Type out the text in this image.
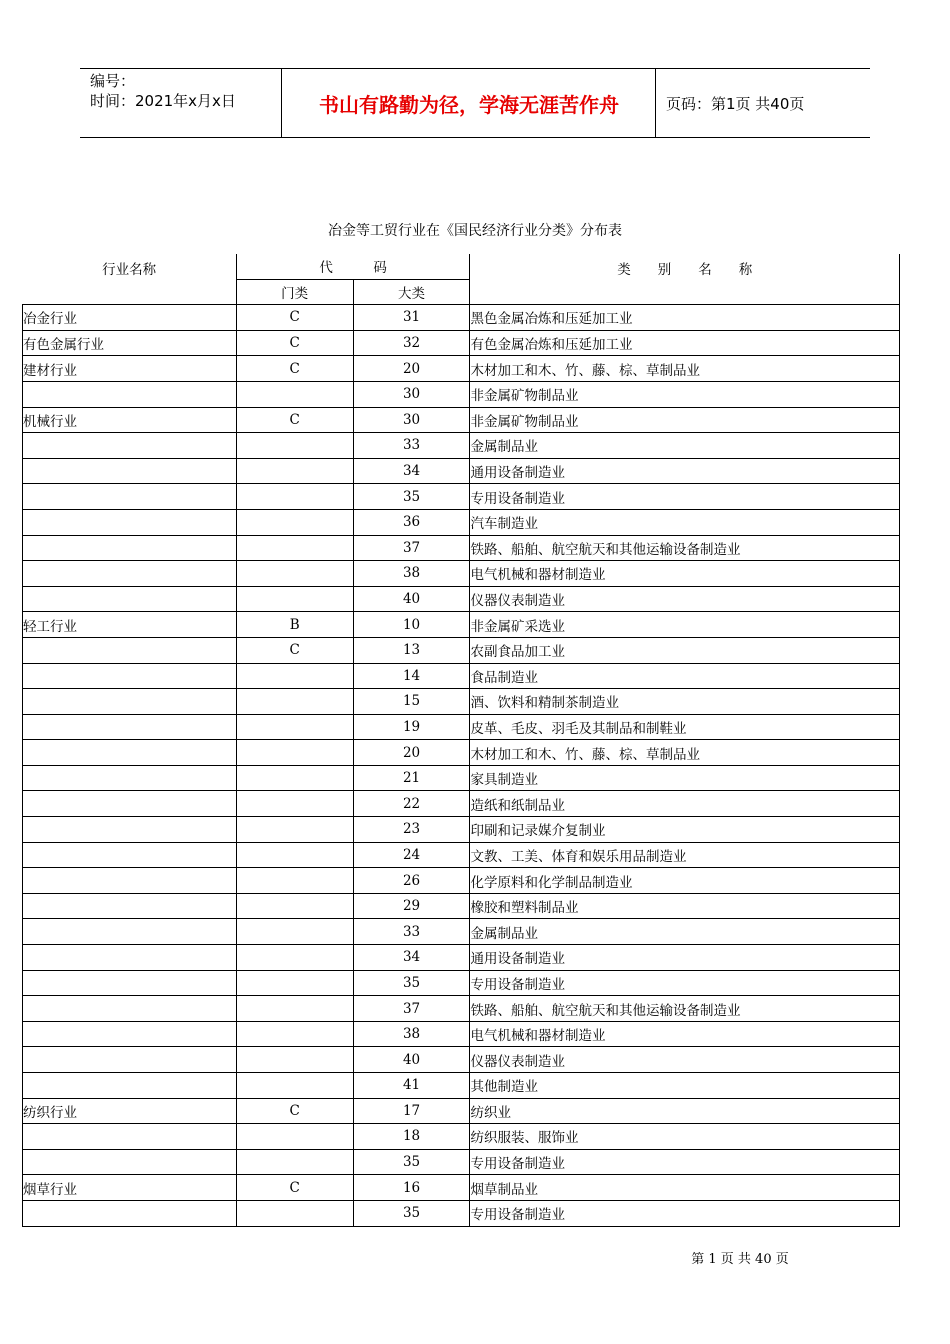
编号：
时间：2021年x月x日	书山有路勤为径，学海无涯苦作舟	页码：第1页 共40页
冶金等工贸行业在《国民经济行业分类》分布表
行业名称	代　　　码		类　　别　　名　　称
	门类	大类	
冶金行业	C	31	黑色金属冶炼和压延加工业
有色金属行业	C	32	有色金属冶炼和压延加工业
建材行业	C	20	木材加工和木、竹、藤、棕、草制品业
		30	非金属矿物制品业
机械行业	C	30	非金属矿物制品业
		33	金属制品业
		34	通用设备制造业
		35	专用设备制造业
		36	汽车制造业
		37	铁路、船舶、航空航天和其他运输设备制造业
		38	电气机械和器材制造业
		40	仪器仪表制造业
轻工行业	B	10	非金属矿采选业
	C	13	农副食品加工业
		14	食品制造业
		15	酒、饮料和精制茶制造业
		19	皮革、毛皮、羽毛及其制品和制鞋业
		20	木材加工和木、竹、藤、棕、草制品业
		21	家具制造业
		22	造纸和纸制品业
		23	印刷和记录媒介复制业
		24	文教、工美、体育和娱乐用品制造业
		26	化学原料和化学制品制造业
		29	橡胶和塑料制品业
		33	金属制品业
		34	通用设备制造业
		35	专用设备制造业
		37	铁路、船舶、航空航天和其他运输设备制造业
		38	电气机械和器材制造业
		40	仪器仪表制造业
		41	其他制造业
纺织行业	C	17	纺织业
		18	纺织服装、服饰业
		35	专用设备制造业
烟草行业	C	16	烟草制品业
		35	专用设备制造业
第 1 页 共 40 页
